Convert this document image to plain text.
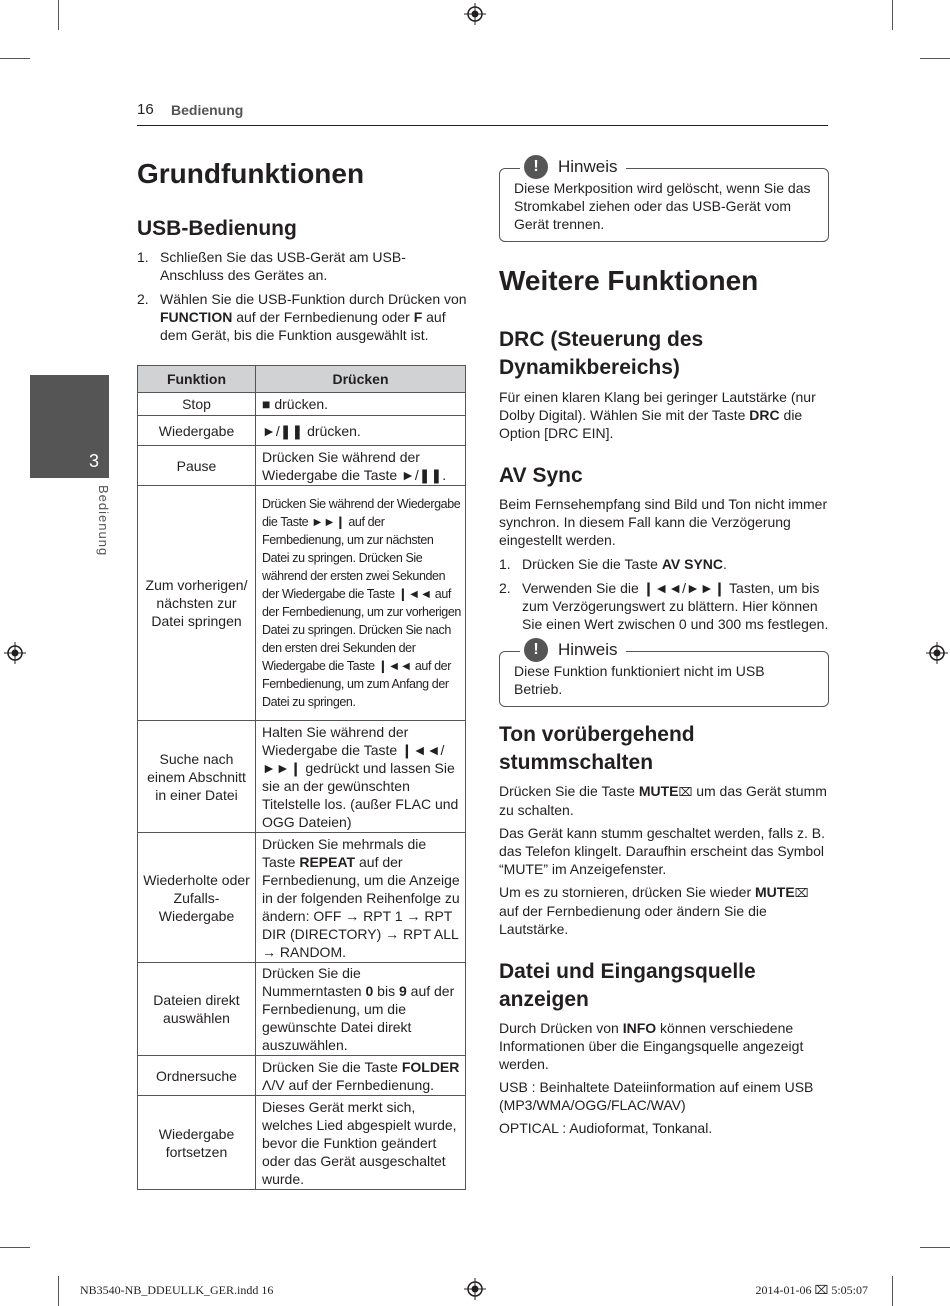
16 Bedienung
3
Bedienung
Grundfunktionen
USB-Bedienung
1. Schließen Sie das USB-Gerät am USB-Anschluss des Gerätes an.
2. Wählen Sie die USB-Funktion durch Drücken von FUNCTION auf der Fernbedienung oder F auf dem Gerät, bis die Funktion ausgewählt ist.
Funktion	Drücken
Stop	■ drücken.
Wiedergabe	►/❚❚ drücken.
Pause	Drücken Sie während der Wiedergabe die Taste ►/❚❚.
Zum vorherigen/ nächsten zur Datei springen	Drücken Sie während der Wiedergabe die Taste ►►❙ auf der Fernbedienung, um zur nächsten Datei zu springen. Drücken Sie während der ersten zwei Sekunden der Wiedergabe die Taste ❙◄◄ auf der Fernbedienung, um zur vorherigen Datei zu springen. Drücken Sie nach den ersten drei Sekunden der Wiedergabe die Taste ❙◄◄ auf der Fernbedienung, um zum Anfang der Datei zu springen.
Suche nach einem Abschnitt in einer Datei	Halten Sie während der Wiedergabe die Taste ❙◄◄/ ►►❙ gedrückt und lassen Sie sie an der gewünschten Titelstelle los. (außer FLAC und OGG Dateien)
Wiederholte oder Zufalls-Wiedergabe	Drücken Sie mehrmals die Taste REPEAT auf der Fernbedienung, um die Anzeige in der folgenden Reihenfolge zu ändern: OFF → RPT 1 → RPT DIR (DIRECTORY) → RPT ALL → RANDOM.
Dateien direkt auswählen	Drücken Sie die Nummerntasten 0 bis 9 auf der Fernbedienung, um die gewünschte Datei direkt auszuwählen.
Ordnersuche	Drücken Sie die Taste FOLDER Λ/V auf der Fernbedienung.
Wiedergabe fortsetzen	Dieses Gerät merkt sich, welches Lied abgespielt wurde, bevor die Funktion geändert oder das Gerät ausgeschaltet wurde.
!	Hinweis

Diese Merkposition wird gelöscht, wenn Sie das Stromkabel ziehen oder das USB-Gerät vom Gerät trennen.

Weitere Funktionen
DRC (Steuerung des Dynamikbereichs)

Für einen klaren Klang bei geringer Lautstärke (nur Dolby Digital). Wählen Sie mit der Taste DRC die Option [DRC EIN].

AV Sync

Beim Fernsehempfang sind Bild und Ton nicht immer synchron. In diesem Fall kann die Verzögerung eingestellt werden.

1. Drücken Sie die Taste AV SYNC.
2. Verwenden Sie die ❙◄◄/►►❙ Tasten, um bis zum Verzögerungswert zu blättern. Hier können Sie einen Wert zwischen 0 und 300 ms festlegen.
!	Hinweis

Diese Funktion funktioniert nicht im USB Betrieb.

Ton vorübergehend stummschalten

Drücken Sie die Taste MUTE⌧ um das Gerät stumm zu schalten.

Das Gerät kann stumm geschaltet werden, falls z. B. das Telefon klingelt. Daraufhin erscheint das Symbol “MUTE” im Anzeigefenster.

Um es zu stornieren, drücken Sie wieder MUTE⌧ auf der Fernbedienung oder ändern Sie die Lautstärke.

Datei und Eingangsquelle anzeigen

Durch Drücken von INFO können verschiedene Informationen über die Eingangsquelle angezeigt werden.

USB : Beinhaltete Dateiinformation auf einem USB (MP3/WMA/OGG/FLAC/WAV)

OPTICAL : Audioformat, Tonkanal.

NB3540-NB_DDEULLK_GER.indd 16	2014-01-06 ⌧ 5:05:07
